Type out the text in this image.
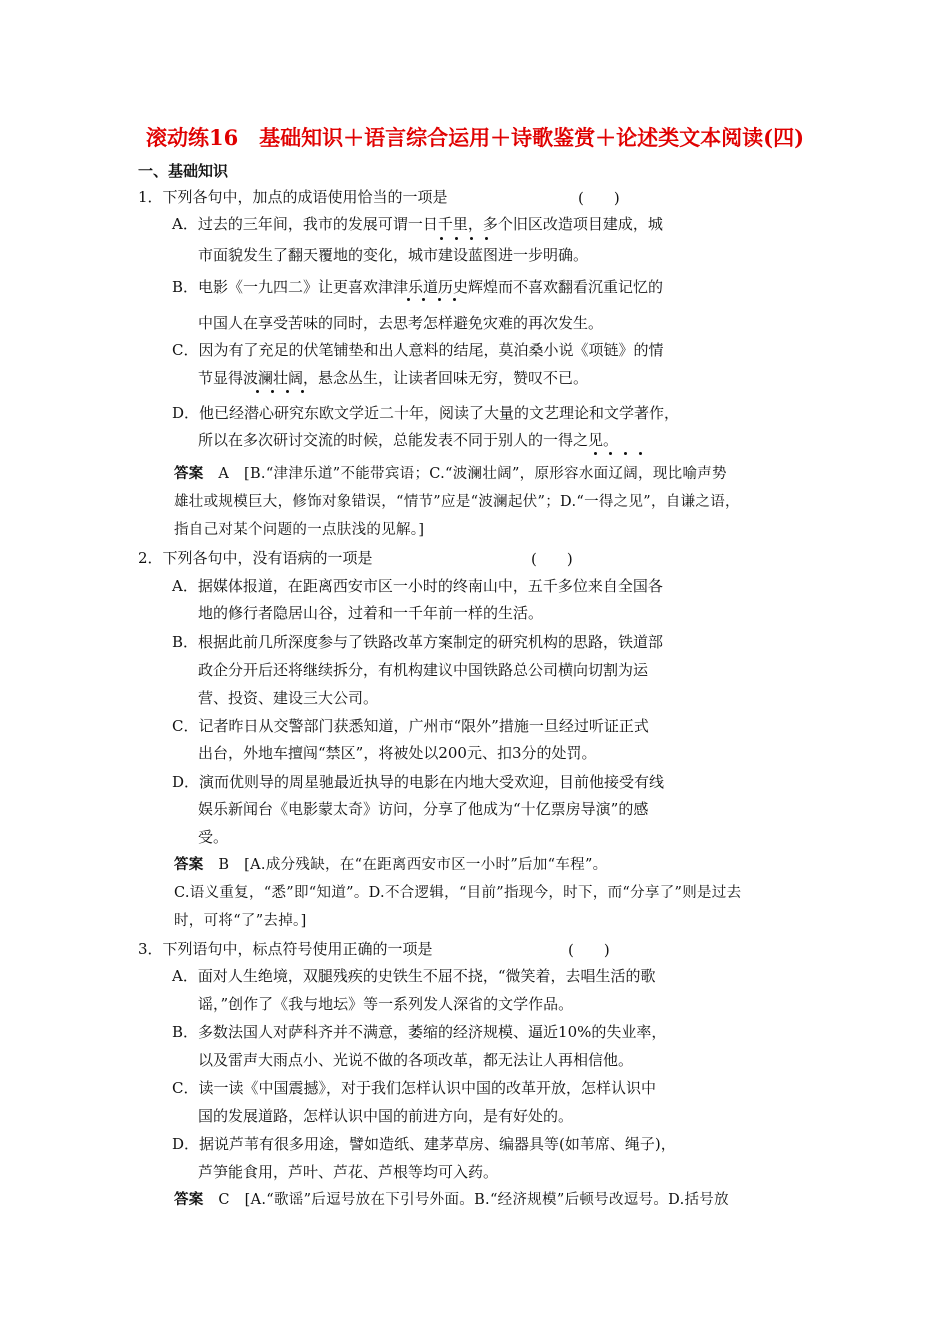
滚动练16　基础知识＋语言综合运用＋诗歌鉴赏＋论述类文本阅读(四)
一、基础知识
1．下列各句中，加点的成语使用恰当的一项是	(　　)
A．过去的三年间，我市的发展可谓一日千里，多个旧区改造项目建成，城
市面貌发生了翻天覆地的变化，城市建设蓝图进一步明确。
B．电影《一九四二》让更喜欢津津乐道历史辉煌而不喜欢翻看沉重记忆的
中国人在享受苦味的同时，去思考怎样避免灾难的再次发生。
C．因为有了充足的伏笔铺垫和出人意料的结尾，莫泊桑小说《项链》的情
节显得波澜壮阔，悬念丛生，让读者回味无穷，赞叹不已。
D．他已经潜心研究东欧文学近二十年，阅读了大量的文艺理论和文学著作，
所以在多次研讨交流的时候，总能发表不同于别人的一得之见。
答案　 A　[B.“津津乐道”不能带宾语；C.“波澜壮阔”，原形容水面辽阔，现比喻声势
雄壮或规模巨大，修饰对象错误，“情节”应是“波澜起伏”；D.“一得之见”，自谦之语，
指自己对某个问题的一点肤浅的见解。]
2．下列各句中，没有语病的一项是	(　　)
A．据媒体报道，在距离西安市区一小时的终南山中，五千多位来自全国各
地的修行者隐居山谷，过着和一千年前一样的生活。
B．根据此前几所深度参与了铁路改革方案制定的研究机构的思路，铁道部
政企分开后还将继续拆分，有机构建议中国铁路总公司横向切割为运
营、投资、建设三大公司。
C．记者昨日从交警部门获悉知道，广州市“限外”措施一旦经过听证正式
出台，外地车擅闯“禁区”，将被处以200元、扣3分的处罚。
D．演而优则导的周星驰最近执导的电影在内地大受欢迎，目前他接受有线
娱乐新闻台《电影蒙太奇》访问，分享了他成为“十亿票房导演”的感
受。
答案　 B　[A.成分残缺，在“在距离西安市区一小时”后加“车程”。
C.语义重复，“悉”即“知道”。D.不合逻辑，“目前”指现今，时下，而“分享了”则是过去
时，可将“了”去掉。]
3．下列语句中，标点符号使用正确的一项是	(　　)
A．面对人生绝境，双腿残疾的史铁生不屈不挠，“微笑着，去唱生活的歌
谣，”创作了《我与地坛》等一系列发人深省的文学作品。
B．多数法国人对萨科齐并不满意，萎缩的经济规模、逼近10%的失业率，
以及雷声大雨点小、光说不做的各项改革，都无法让人再相信他。
C．读一读《中国震撼》，对于我们怎样认识中国的改革开放，怎样认识中
国的发展道路，怎样认识中国的前进方向，是有好处的。
D．据说芦苇有很多用途，譬如造纸、建茅草房、编器具等(如苇席、绳子)，
芦笋能食用，芦叶、芦花、芦根等均可入药。
答案　 C　[A.“歌谣”后逗号放在下引号外面。B.“经济规模”后顿号改逗号。D.括号放
